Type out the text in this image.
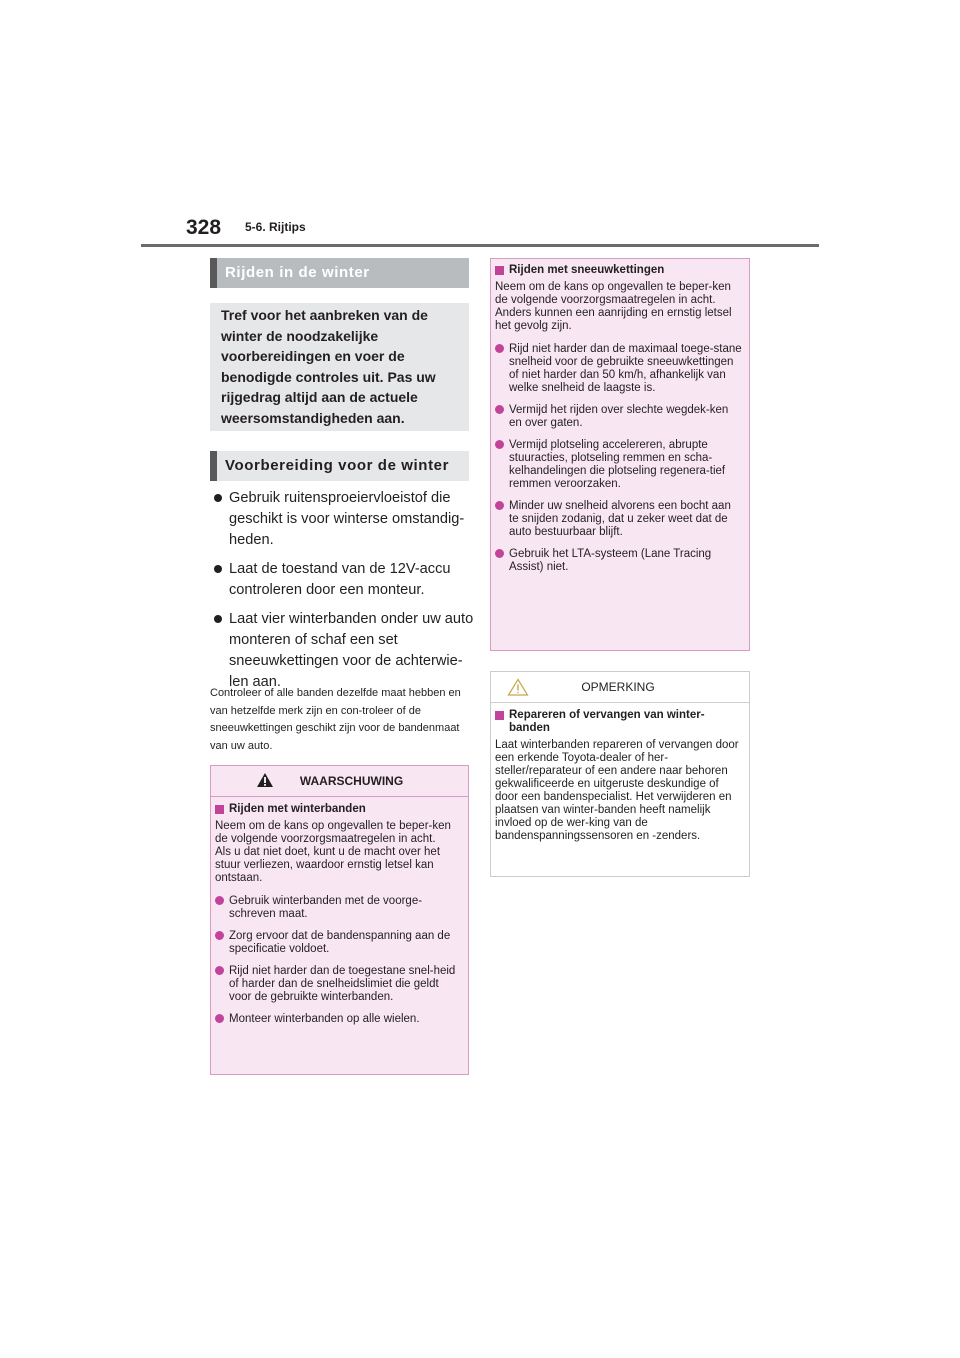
328 5-6. Rijtips
Rijden in de winter
Tref voor het aanbreken van de winter de noodzakelijke voorbereidingen en voer de benodigde controles uit. Pas uw rijgedrag altijd aan de actuele weersomstandigheden aan.
Voorbereiding voor de winter
Gebruik ruitensproeiervloeistof die geschikt is voor winterse omstandig-heden.
Laat de toestand van de 12V-accu controleren door een monteur.
Laat vier winterbanden onder uw auto monteren of schaf een set sneeuwkettingen voor de achterwie-len aan.
Controleer of alle banden dezelfde maat hebben en van hetzelfde merk zijn en con-troleer of de sneeuwkettingen geschikt zijn voor de bandenmaat van uw auto.
WAARSCHUWING
Rijden met winterbanden

Neem om de kans op ongevallen te beper-ken de volgende voorzorgsmaatregelen in acht.
Als u dat niet doet, kunt u de macht over het stuur verliezen, waardoor ernstig letsel kan ontstaan.

Gebruik winterbanden met de voorge-schreven maat.
Zorg ervoor dat de bandenspanning aan de specificatie voldoet.
Rijd niet harder dan de toegestane snel-heid of harder dan de snelheidslimiet die geldt voor de gebruikte winterbanden.
Monteer winterbanden op alle wielen.
Rijden met sneeuwkettingen

Neem om de kans op ongevallen te beper-ken de volgende voorzorgsmaatregelen in acht.
Anders kunnen een aanrijding en ernstig letsel het gevolg zijn.

Rijd niet harder dan de maximaal toege-stane snelheid voor de gebruikte sneeuwkettingen of niet harder dan 50 km/h, afhankelijk van welke snelheid de laagste is.
Vermijd het rijden over slechte wegdek-ken en over gaten.
Vermijd plotseling accelereren, abrupte stuuracties, plotseling remmen en scha-kelhandelingen die plotseling regenera-tief remmen veroorzaken.
Minder uw snelheid alvorens een bocht aan te snijden zodanig, dat u zeker weet dat de auto bestuurbaar blijft.
Gebruik het LTA-systeem (Lane Tracing Assist) niet.
OPMERKING
Repareren of vervangen van winter-banden

Laat winterbanden repareren of vervangen door een erkende Toyota-dealer of her-steller/reparateur of een andere naar behoren gekwalificeerde en uitgeruste deskundige of door een bandenspecialist. Het verwijderen en plaatsen van winter-banden heeft namelijk invloed op de wer-king van de bandenspanningssensoren en -zenders.
